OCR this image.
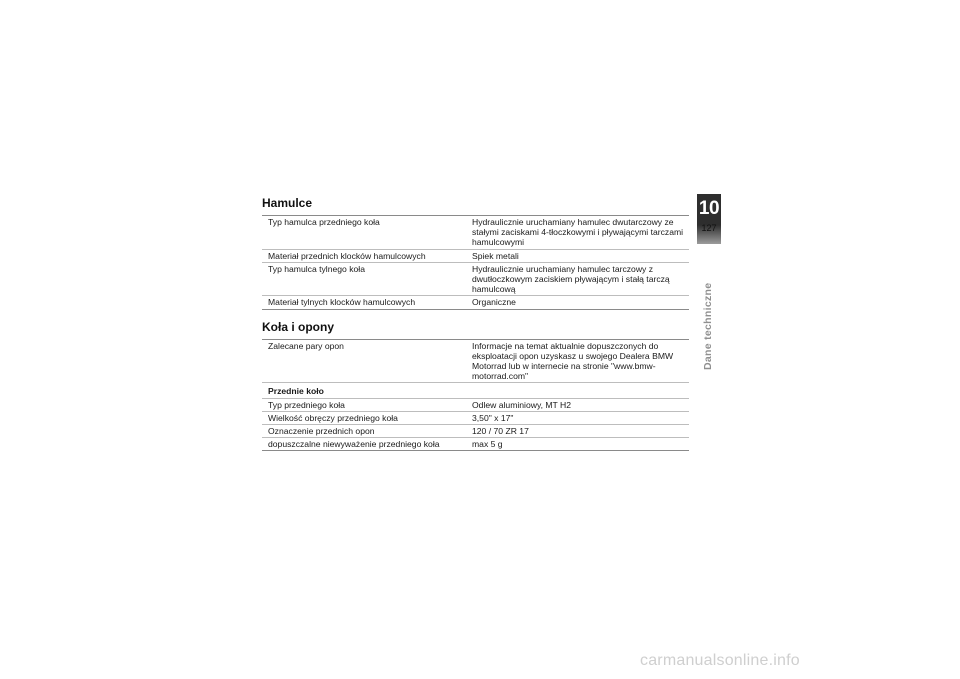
Hamulce
Typ hamulca przedniego koła	Hydraulicznie uruchamiany hamulec dwutarczowy ze stałymi zaciskami 4-tłoczkowymi i pływającymi tarczami hamulcowymi
Materiał przednich klocków hamulcowych	Spiek metali
Typ hamulca tylnego koła	Hydraulicznie uruchamiany hamulec tarczowy z dwutłoczkowym zaciskiem pływającym i stałą tarczą hamulcową
Materiał tylnych klocków hamulcowych	Organiczne
Koła i opony
Zalecane pary opon	Informacje na temat aktualnie dopuszczonych do eksploatacji opon uzyskasz u swojego Dealera BMW Motorrad lub w internecie na stronie "www.bmw-motorrad.com"
Przednie koło	
Typ przedniego koła	Odlew aluminiowy, MT H2
Wielkość obręczy przedniego koła	3,50" x 17"
Oznaczenie przednich opon	120 / 70 ZR 17
dopuszczalne niewyważenie przedniego koła	max 5 g
10
127
Dane techniczne
carmanualsonline.info
